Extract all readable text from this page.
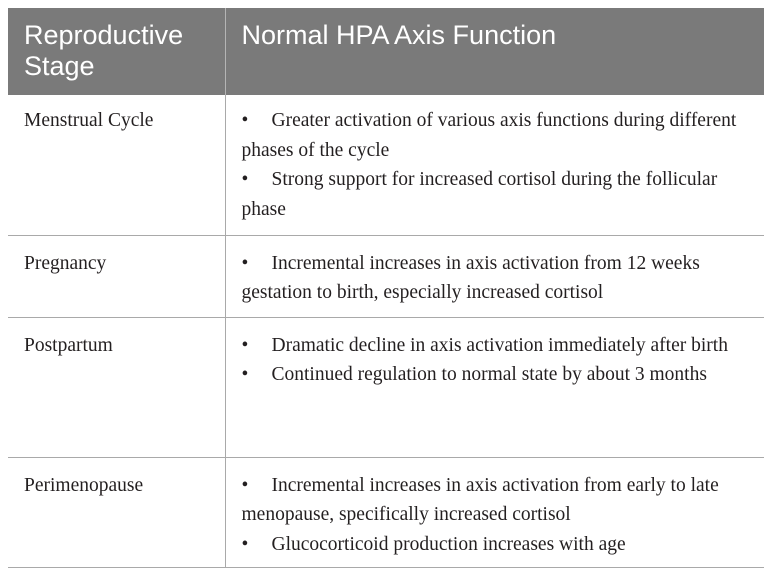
Reproductive Stage	Normal HPA Axis Function
Menstrual Cycle	• Greater activation of various axis functions during different phases of the cycle
• Strong support for increased cortisol during the follicular phase

Pregnancy	• Incremental increases in axis activation from 12 weeks gestation to birth, especially increased cortisol

Postpartum	• Dramatic decline in axis activation immediately after birth
• Continued regulation to normal state by about 3 months

Perimenopause	• Incremental increases in axis activation from early to late menopause, specifically increased cortisol
• Glucocorticoid production increases with age
